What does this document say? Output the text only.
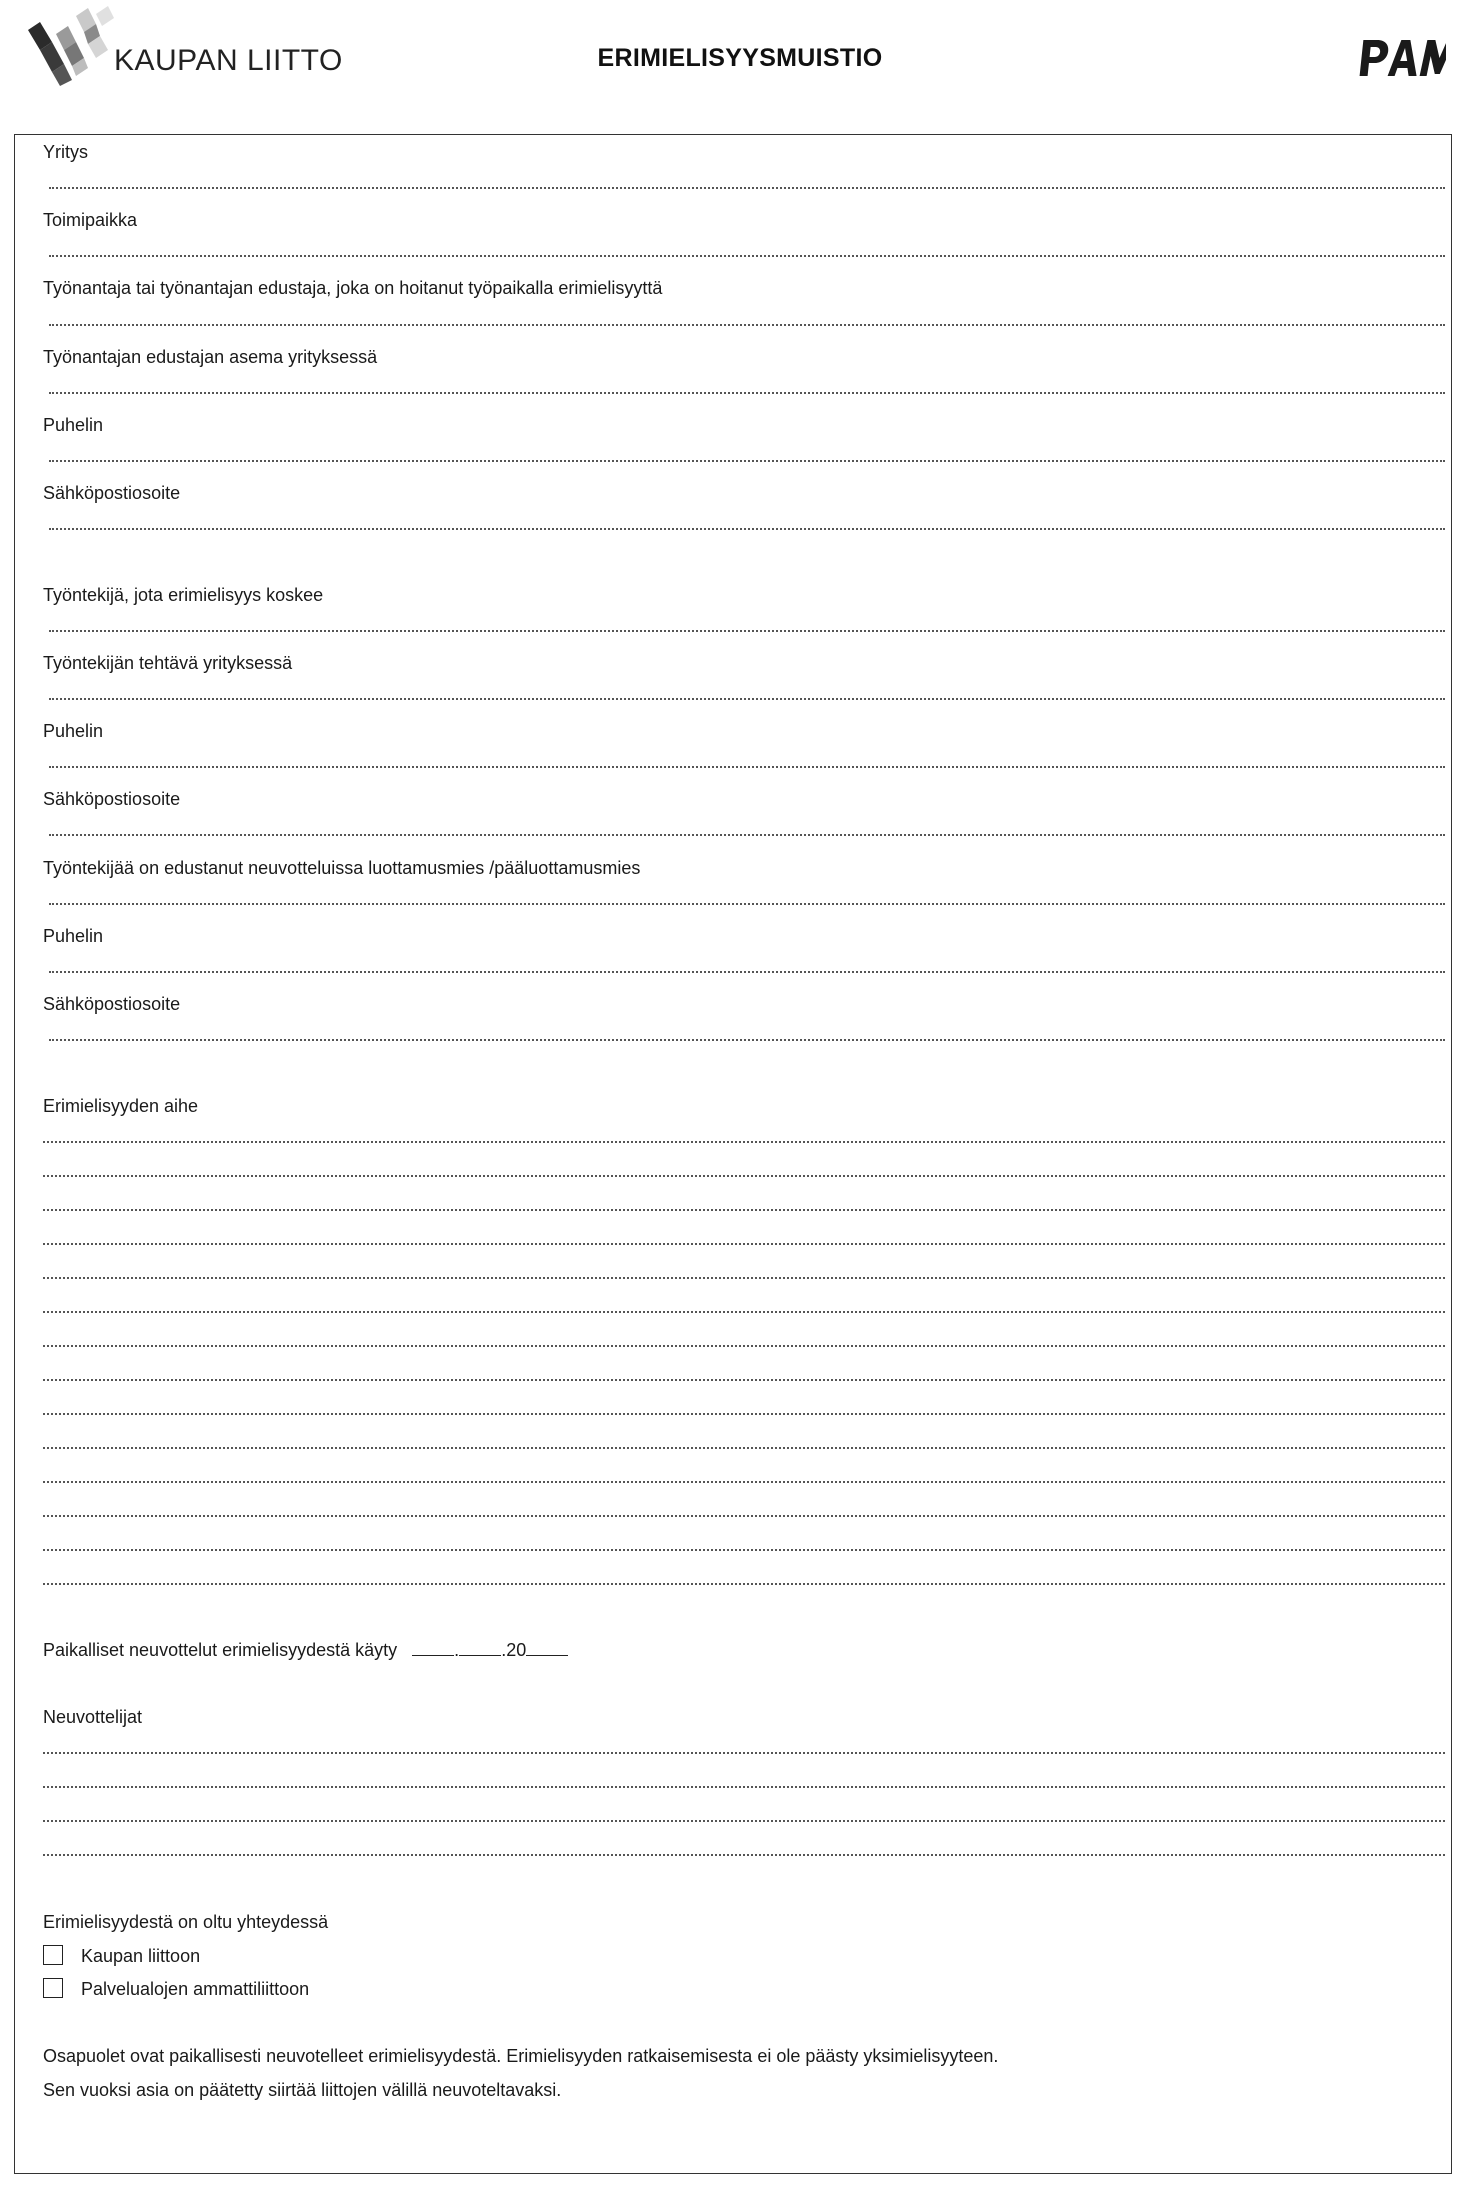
KAUPAN LIITTO	ERIMIELISYYSMUISTIO
Yritys
Toimipaikka
Työnantaja tai työnantajan edustaja, joka on hoitanut työpaikalla erimielisyyttä
Työnantajan edustajan asema yrityksessä
Puhelin
Sähköpostiosoite
Työntekijä, jota erimielisyys koskee
Työntekijän tehtävä yrityksessä
Puhelin
Sähköpostiosoite
Työntekijää on edustanut neuvotteluissa luottamusmies /pääluottamusmies
Puhelin
Sähköpostiosoite
Erimielisyyden aihe
Paikalliset neuvottelut erimielisyydestä käyty	. .20
Neuvottelijat
Erimielisyydestä on oltu yhteydessä
Kaupan liittoon
Palvelualojen ammattiliittoon
Osapuolet ovat paikallisesti neuvotelleet erimielisyydestä. Erimielisyyden ratkaisemisesta ei ole päästy yksimielisyyteen.
Sen vuoksi asia on päätetty siirtää liittojen välillä neuvoteltavaksi.
